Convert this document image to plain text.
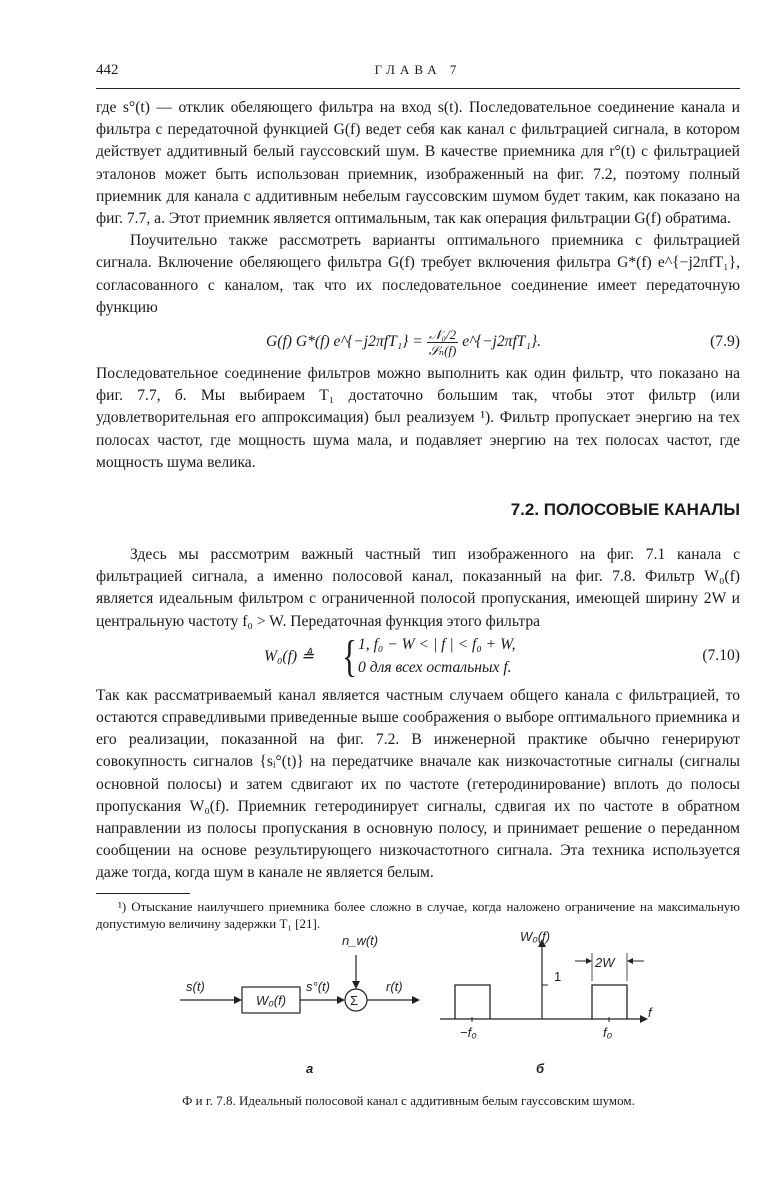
442	ГЛАВА 7

где s°(t) — отклик обеляющего фильтра на вход s(t). Последовательное соединение канала и фильтра с передаточной функцией G(f) ведет себя как канал с фильтрацией сигнала, в котором действует аддитивный белый гауссовский шум. В качестве приемника для r°(t) с фильтрацией эталонов может быть использован приемник, изображенный на фиг. 7.2, поэтому полный приемник для канала с аддитивным небелым гауссовским шумом будет таким, как показано на фиг. 7.7, а. Этот приемник является оптимальным, так как операция фильтрации G(f) обратима.

Поучительно также рассмотреть варианты оптимального приемника с фильтрацией сигнала. Включение обеляющего фильтра G(f) требует включения фильтра G*(f) e^{−j2πfT₁}, согласованного с каналом, так что их последовательное соединение имеет передаточную функцию

G(f) G*(f) e^{−j2πfT₁} = $\frac{\text{𝒩₀/2}}{\text{𝒮ₙ(f)}}$ e^{−j2πfT₁}.	(7.9)

Последовательное соединение фильтров можно выполнить как один фильтр, что показано на фиг. 7.7, б. Мы выбираем T₁ достаточно большим так, чтобы этот фильтр (или удовлетворительная его аппроксимация) был реализуем ¹). Фильтр пропускает энергию на тех полосах частот, где мощность шума мала, и подавляет энергию на тех полосах частот, где мощность шума велика.

7.2. ПОЛОСОВЫЕ КАНАЛЫ

Здесь мы рассмотрим важный частный тип изображенного на фиг. 7.1 канала с фильтрацией сигнала, а именно полосовой канал, показанный на фиг. 7.8. Фильтр W₀(f) является идеальным фильтром с ограниченной полосой пропускания, имеющей ширину 2W и центральную частоту f₀ > W. Передаточная функция этого фильтра

W₀(f) ≜ { 1, f₀ − W < | f | < f₀ + W,
0 для всех остальных f.
(7.10)

Так как рассматриваемый канал является частным случаем общего канала с фильтрацией, то остаются справедливыми приведенные выше соображения о выборе оптимального приемника и его реализации, показанной на фиг. 7.2. В инженерной практике обычно генерируют совокупность сигналов {sᵢ°(t)} на передатчике вначале как низкочастотные сигналы (сигналы основной полосы) и затем сдвигают их по частоте (гетеродинирование) вплоть до полосы пропускания W₀(f). Приемник гетеродинирует сигналы, сдвигая их по частоте в обратном направлении из полосы пропускания в основную полосу, и принимает решение о переданном сообщении на основе результирующего низкочастотного сигнала. Эта техника используется даже тогда, когда шум в канале не является белым.

¹) Отыскание наилучшего приемника более сложно в случае, когда наложено ограничение на максимальную допустимую величину задержки T₁ [21].

s(t)
W₀(f)
s°(t)
Σ
n_w(t)
r(t)
а
f
W₀(f)
1
2W
−f₀	f₀
б
Ф и г. 7.8. Идеальный полосовой канал с аддитивным белым гауссовским шумом.
